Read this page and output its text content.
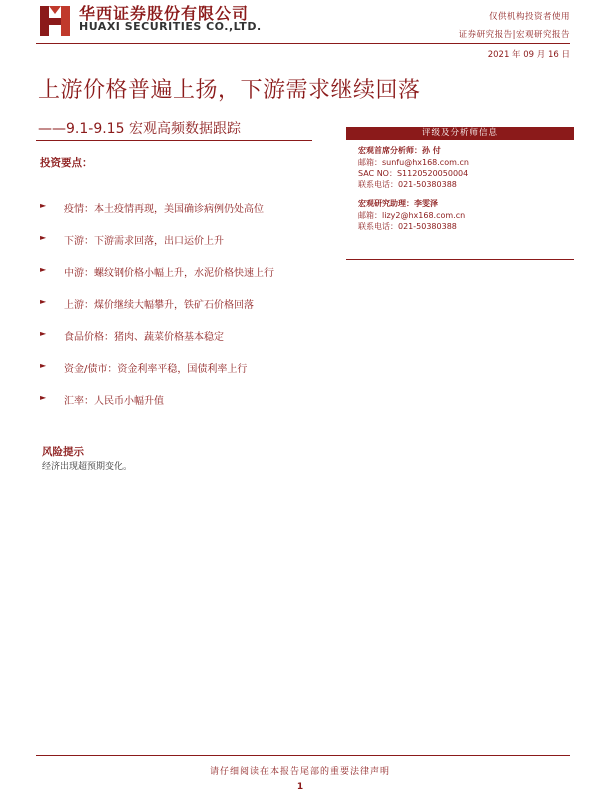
华西证券股份有限公司
HUAXI SECURITIES CO.,LTD.
仅供机构投资者使用
证券研究报告|宏观研究报告
2021 年 09 月 16 日
上游价格普遍上扬，下游需求继续回落
——9.1-9.15 宏观高频数据跟踪	评级及分析师信息
宏观首席分析师：孙 付
邮箱：sunfu@hx168.com.cn
SAC NO：S1120520050004
联系电话：021-50380388
宏观研究助理：李雯泽
邮箱：lizy2@hx168.com.cn
联系电话：021-50380388
投资要点：
► 疫情：本土疫情再现，美国确诊病例仍处高位
► 下游：下游需求回落，出口运价上升
► 中游：螺纹钢价格小幅上升，水泥价格快速上行
► 上游：煤价继续大幅攀升，铁矿石价格回落
► 食品价格：猪肉、蔬菜价格基本稳定
► 资金/债市：资金利率平稳，国债利率上行
► 汇率：人民币小幅升值
风险提示
经济出现超预期变化。
请仔细阅读在本报告尾部的重要法律声明
1
